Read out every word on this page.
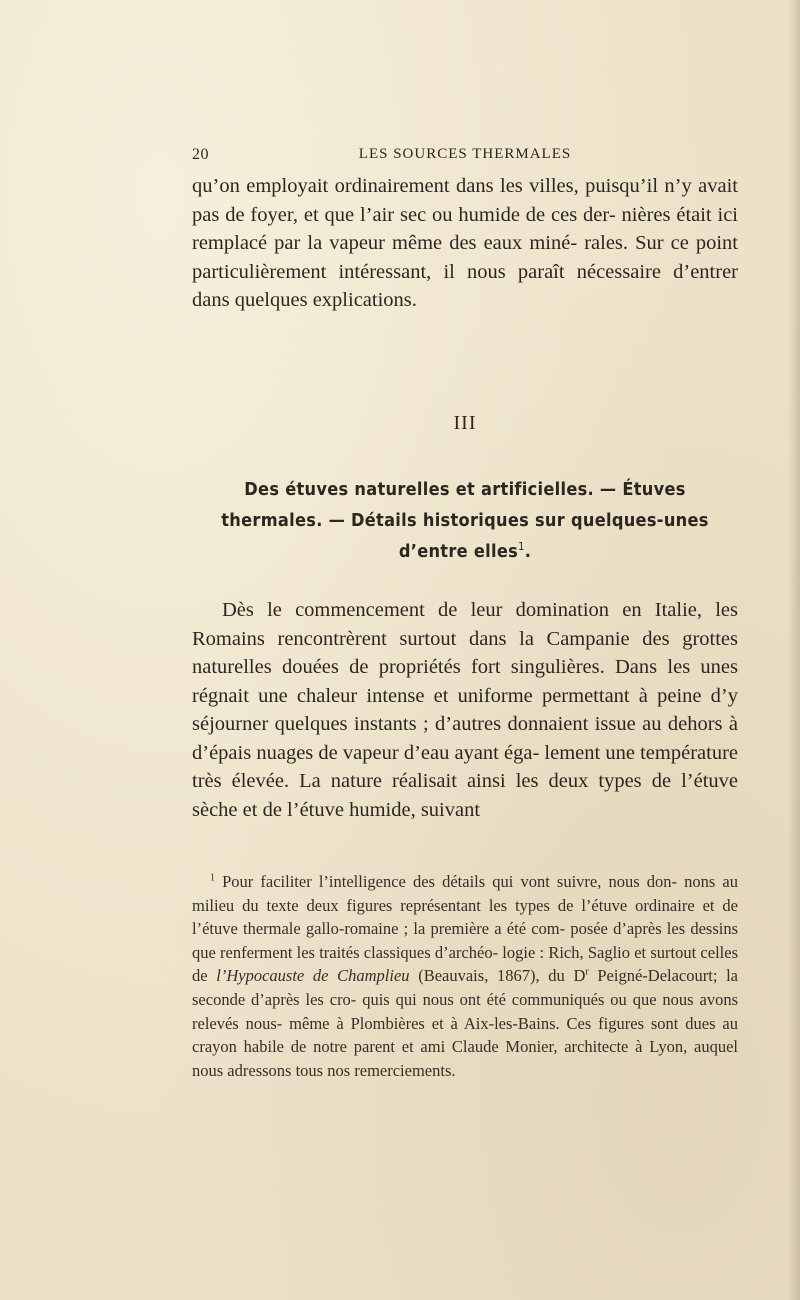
20	LES SOURCES THERMALES

qu’on employait ordinairement dans les villes, puisqu’il n’y avait pas de foyer, et que l’air sec ou humide de ces der- nières était ici remplacé par la vapeur même des eaux miné- rales. Sur ce point particulièrement intéressant, il nous paraît nécessaire d’entrer dans quelques explications.

III
Des étuves naturelles et artificielles. — Étuves thermales. — Détails historiques sur quelques-unes d’entre elles$^1$.

Dès le commencement de leur domination en Italie, les Romains rencontrèrent surtout dans la Campanie des grottes naturelles douées de propriétés fort singulières. Dans les unes régnait une chaleur intense et uniforme permettant à peine d’y séjourner quelques instants ; d’autres donnaient issue au dehors à d’épais nuages de vapeur d’eau ayant éga- lement une température très élevée. La nature réalisait ainsi les deux types de l’étuve sèche et de l’étuve humide, suivant

$^1$ Pour faciliter l’intelligence des détails qui vont suivre, nous don- nons au milieu du texte deux figures représentant les types de l’étuve ordinaire et de l’étuve thermale gallo-romaine ; la première a été com- posée d’après les dessins que renferment les traités classiques d’archéo- logie : Rich, Saglio et surtout celles de l’Hypocauste de Champlieu (Beauvais, 1867), du $D^r$ Peigné-Delacourt; la seconde d’après les cro- quis qui nous ont été communiqués ou que nous avons relevés nous- même à Plombières et à Aix-les-Bains. Ces figures sont dues au crayon habile de notre parent et ami Claude Monier, architecte à Lyon, auquel nous adressons tous nos remerciements.
